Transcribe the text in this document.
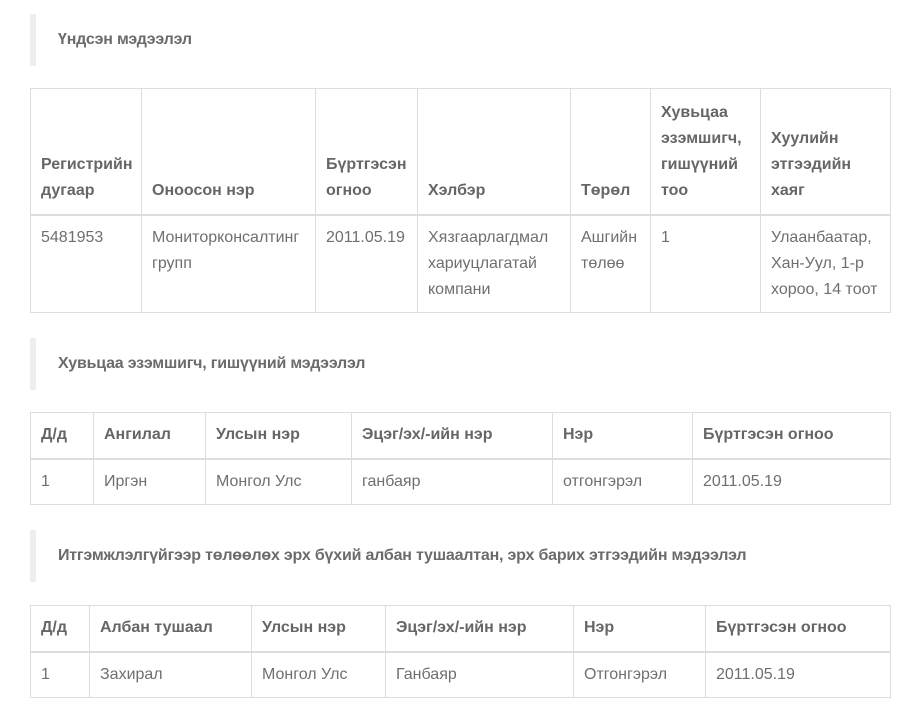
Үндсэн мэдээлэл
Регистрийн дугаар	Оноосон нэр	Бүртгэсэн огноо	Хэлбэр	Төрөл	Хувьцаа эзэмшигч, гишүүний тоо	Хуулийн этгээдийн хаяг
5481953	Мониторконсалтинг групп	2011.05.19	Хязгаарлагдмал хариуцлагатай компани	Ашгийн төлөө	1	Улаанбаатар, Хан-Уул, 1-р хороо, 14 тоот
Хувьцаа эзэмшигч, гишүүний мэдээлэл
Д/д	Ангилал	Улсын нэр	Эцэг/эх/-ийн нэр	Нэр	Бүртгэсэн огноо
1	Иргэн	Монгол Улс	ганбаяр	отгонгэрэл	2011.05.19
Итгэмжлэлгүйгээр төлөөлөх эрх бүхий албан тушаалтан, эрх барих этгээдийн мэдээлэл
Д/д	Албан тушаал	Улсын нэр	Эцэг/эх/-ийн нэр	Нэр	Бүртгэсэн огноо
1	Захирал	Монгол Улс	Ганбаяр	Отгонгэрэл	2011.05.19
